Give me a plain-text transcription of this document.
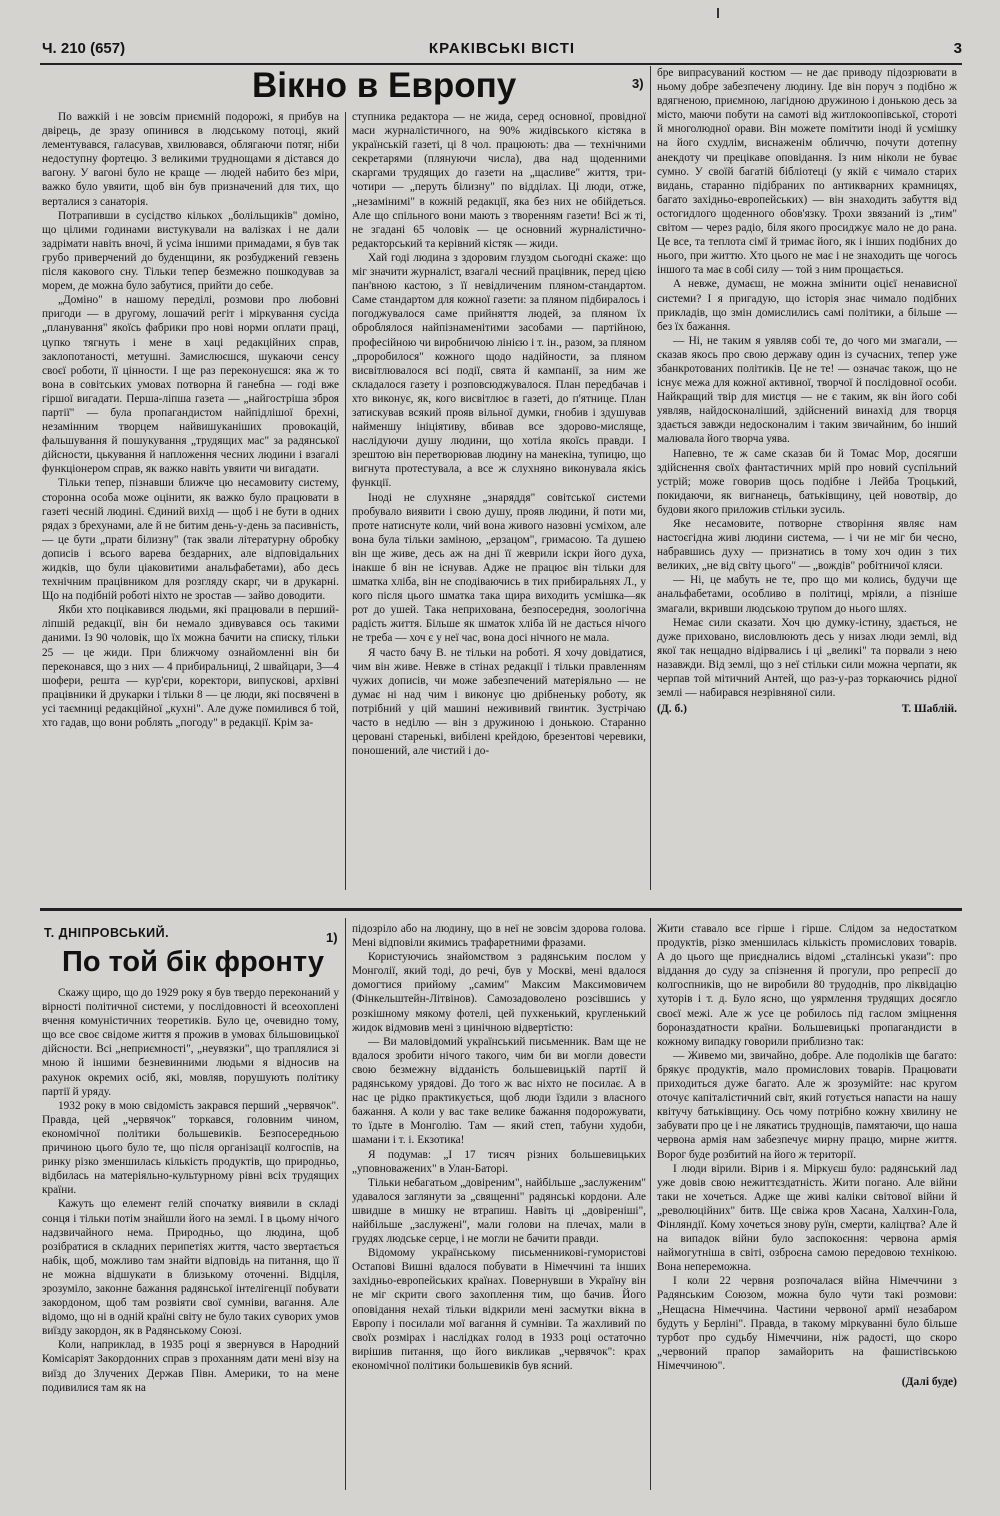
Ч. 210 (657)	КРАКІВСЬКІ ВІСТІ	3
Вікно в Европу	3)

По важкій і не зовсім приємній подорожі, я прибув на двірець, де зразу опинився в людському потоці, який лементувався, галасував, хвилювався, облягаючи потяг, ніби недоступну фортецю. З великими труднощами я дістався до вагону. У вагоні було не краще — людей набито без міри, важко було увяити, щоб він був призначений для тих, що верталися з санаторія.

Потрапивши в сусідство кількох „болільщиків" доміно, що цілими годинами вистукували на валізках і не дали задрімати навіть вночі, й усіма іншими примадами, я був так грубо приверчений до буденщини, як розбуджений гевзень після какового сну. Тільки тепер безмежно пошкодував за морем, де можна було забутися, прийти до себе.

„Доміно" в нашому переділі, розмови про любовні пригоди — в другому, лошачий регіт і міркування сусіда „планування" якоїсь фабрики про нові норми оплати праці, цупко тягнуть і мене в хаці редакційних справ, заклопотаності, метушні. Замислюєшся, шукаючи сенсу своєї роботи, її цінности. І ще раз переконуєшся: яка ж то вона в совітських умовах потворна й ганебна — годі вже гіршої вигадати. Перша-ліпша газета — „найгостріша зброя партії" — була пропагандистом найпідлішої брехні, незамінним творцем найвишуканіших провокацій, фальшування й пошукування „трудящих мас" за радянської дійсности, цькування й напложення чесних людини і взагалі функціонером справ, як важко навіть увяити чи вигадати.

Тільки тепер, пізнавши ближче цю несамовиту систему, сторонна особа може оцінити, як важко було працювати в газеті чесній людині. Єдиний вихід — щоб і не бути в одних рядах з брехунами, але й не битим день-у-день за пасивність, — це бути „прати білизну" (так звали літературну обробку дописів і всього варева бездарних, але відповідальних жидків, що були ціаковитими анальфабетами), або десь технічним працівником для розгляду скарг, чи в друкарні. Що на подібній роботі ніхто не зростав — зайво доводити.

Якби хто поцікавився людьми, які працювали в перший-ліпшій редакції, він би немало здивувався ось такими даними. Із 90 чоловік, що їх можна бачити на списку, тільки 25 — це жиди. При ближчому ознайомленні він би переконався, що з них — 4 прибиральниці, 2 швайцари, 3—4 шофери, решта — кур'єри, коректори, випускові, архівні працівники й друкарки і тільки 8 — це люди, які посвячені в усі таємниці редакційної „кухні". Але дуже помилився б той, хто гадав, що вони роблять „погоду" в редакції. Крім за-

ступника редактора — не жида, серед основної, провідної маси журналістичного, на 90% жидівського кістяка в українській газеті, ці 8 чол. працюють: два — технічними секретарями (плянуючи числа), два над щоденними скаргами трудящих до газети на „щасливе" життя, три-чотири — „перуть білизну" по відділах. Ці люди, отже, „незамінимі" в кожній редакції, яка без них не обійдеться. Але що спільного вони мають з творенням газети! Всі ж ті, не згадані 65 чоловік — це основний журналістично-редакторський та керівний кістяк — жиди.

Хай годі людина з здоровим глуздом сьогодні скаже: що міг значити журналіст, взагалі чесний працівник, перед цією пан'вною кастою, з її невідличеним пляном-стандартом. Саме стандартом для кожної газети: за пляном підбиралось і погоджувалося саме прийняття людей, за пляном їх оброблялося найпізнаменітими засобами — партійною, професійною чи виробничою лінією і т. ін., разом, за пляном „проробилося" кожного щодо надійности, за пляном висвітлювалося всі події, свята й кампанії, за ним же складалося газету і розповсюджувалося. План передбачав і хто виконує, як, кого висвітлює в газеті, до п'ятнице. План затискував всякий прояв вільної думки, гнобив і здушував найменшу ініціятиву, вбивав все здорово-мисляще, наслідуючи душу людини, що хотіла якоїсь правди. І зрештою він перетворював людину на манекіна, тупицю, що вигнута протестувала, а все ж слухняно виконувала якісь функції.

Іноді не слухняне „знаряддя" совітської системи пробувало виявити і свою душу, прояв людини, й поти ми, проте натиснуте коли, чий вона живого назовні усміхом, але вона була тільки заміною, „ерзацом", гримасою. Та душею він ще живе, десь аж на дні її жеврили іскри його духа, інакше б він не існував. Адже не працює він тільки для шматка хліба, він не сподіваючись в тих прибиральнях Л., у кого після цього шматка така щира виходить усмішка—як рот до ушей. Така неприхована, безпосередня, зоологічна радість життя. Більше як шматок хліба їй не дасться нічого не треба — хоч є у неї час, вона досі нічного не мала.

Я часто бачу В. не тільки на роботі. Я хочу довідатися, чим він живе. Невже в стінах редакції і тільки правленням чужих дописів, чи може забезпечений матеріяльно — не думає ні над чим і виконує цю дрібненьку роботу, як потрібний у цій машині нежививий гвинтик. Зустрічаю часто в неділю — він з дружиною і донькою. Старанно церовані старенькі, вибілені крейдою, брезентові черевики, поношений, але чистий і до-

бре випрасуваний костюм — не дає приводу підозрювати в ньому добре забезпечену людину. Іде він поруч з подібно ж вдягненою, приємною, лагідною дружиною і донькою десь за місто, маючи побути на самоті від житлокоопівської, стороті й многолюдної орави. Він можете помітити іноді й усмішку на його схудлім, виснаженім обличчю, почути дотепну анекдоту чи прецікаве оповідання. Із ним ніколи не буває сумно. У своїй багатій бібліотеці (у якій є чимало старих видань, старанно підібраних по антикварних крамницях, багато західньо-европейських) — він знаходить забуття від остогидлого щоденного обов'язку. Трохи звязаний із „тим" світом — через радіо, біля якого просиджує мало не до рана. Це все, та теплота сімї й тримає його, як і інших подібних до нього, при життю. Хто цього не має і не знаходить ще чогось іншого та має в собі силу — той з ним прощається.

А невже, думаєш, не можна змінити оцієї ненависної системи? І я пригадую, що історія знає чимало подібних прикладів, що змін домислились самі політики, а більше — без їх бажання.

— Ні, не таким я уявляв собі те, до чого ми змагали, — сказав якось про свою державу один із сучасних, тепер уже збанкротованих політиків. Це не те! — означає також, що не існує межа для кожної активної, творчої й послідовної особи. Найкращий твір для мистця — не є таким, як він його собі уявляв, найдосконаліший, здійснений винахід для творця здається завжди недосконалим і таким звичайним, бо інший малювала його творча уява.

Напевно, те ж саме сказав би й Томас Мор, досягши здійснення своїх фантастичних мрій про новий суспільний устрій; може говорив щось подібне і Лейба Троцький, покидаючи, як вигнанець, батьківщину, цей новотвір, до будови якого приложив стільки зусиль.

Яке несамовите, потворне створіння являє нам настоєгідна живі людини система, — і чи не міг би чесно, набравшись духу — признатись в тому хоч один з тих великих, „не від світу цього" — „вождів" робітничої кляси.

— Ні, це мабуть не те, про що ми колись, будучи ще анальфабетами, особливо в політиці, мріяли, а пізніше змагали, вкривши людською трупом до нього шлях.

Немає сили сказати. Хоч цю думку-істину, здається, не дуже приховано, висловлюють десь у низах люди землі, від якої так нещадно відірвались і ці „великі" та порвали з нею назавжди. Від землі, що з неї стільки сили можна черпати, як черпав той мітичний Антей, що раз-у-раз торкаючись рідної землі — набирався незрівняної сили.

(Д. б.)	Т. Шаблій.
Т. ДНІПРОВСЬКИЙ.	1)
По той бік фронту

Скажу щиро, що до 1929 року я був твердо переконаний у вірності політичної системи, у послідовності й всеохоплені вчення комуністичних теоретиків. Було це, очевидно тому, що все своє свідоме життя я прожив в умовах більшовицької дійсности. Всі „неприємності", „неувязки", що траплялися зі мною й іншими безневинними людьми я відносив на рахунок окремих осіб, які, мовляв, порушують політику партії й уряду.

1932 року в мою свідомість закрався перший „червячок". Правда, цей „червячок" торкався, головним чином, економічної політики большевиків. Безпосередньою причиною цього було те, що після організації колгоспів, на ринку різко зменшилась кількість продуктів, що природньо, відбилась на матеріяльно-культурному рівні всіх трудящих країни.

Кажуть що елемент гелій спочатку виявили в складі сонця і тільки потім знайшли його на землі. І в цьому нічого надзвичайного нема. Природньо, що людина, щоб розібратися в складних перипетіях життя, часто звертається набік, щоб, можливо там знайти відповідь на питання, що її не можна відшукати в близькому оточенні. Відціля, зрозуміло, законне бажання радянської інтелігенції побувати закордоном, щоб там розвіяти свої сумніви, вагання. Але відомо, що ні в одній країні світу не було таких суворих умов виїзду закордон, як в Радянському Союзі.

Коли, наприклад, в 1935 році я звернувся в Народний Комісаріят Закордонних справ з проханням дати мені візу на виїзд до Злучених Держав Півн. Америки, то на мене подивилися там як на

підозріло або на людину, що в неї не зовсім здорова голова. Мені відповіли якимись трафаретними фразами.

Користуючись знайомством з радянським послом у Монголії, який тоді, до речі, був у Москві, мені вдалося домогтися прийому „самим" Максим Максимовичем (Фінкельштейн-Літвінов). Самозадоволено розсівшись у розкішному мякому фотелі, цей пухкенький, кругленький жидок відмовив мені з цинічною відвертістю:

— Ви маловідомий український письменник. Вам ще не вдалося зробити нічого такого, чим би ви могли довести свою безмежну відданість большевицькій партії й радянському урядові. До того ж вас ніхто не посилає. А в нас це рідко практикується, щоб люди їздили з власного бажання. А коли у вас таке велике бажання подорожувати, то їдьте в Монголію. Там — який степ, табуни худоби, шамани і т. і. Екзотика!

Я подумав: „І 17 тисяч різних большевицьких „уповноважених" в Улан-Баторі.

Тільки небагатьом „довіреним", найбільше „заслуженим" удавалося заглянути за „священні" радянські кордони. Але швидше в мишку не втрапиш. Навіть ці „довіреніші", найбільше „заслужені", мали голови на плечах, мали в грудях людське серце, і не могли не бачити правди.

Відомому українському письменникові-гумористові Остапові Вишні вдалося побувати в Німеччині та інших західньо-европейських країнах. Повернувши в Україну він не міг скрити свого захоплення тим, що бачив. Його оповідання нехай тільки відкрили мені засмутки вікна в Европу і посилали мої вагання й сумніви. Та жахливий по своїх розмірах і наслідках голод в 1933 році остаточно вирішив питання, що його викликав „червячок": крах економічної політики большевиків був ясний.

Жити ставало все гірше і гірше. Слідом за недостатком продуктів, різко зменшилась кількість промислових товарів. А до цього ще приєднались відомі „сталінські укази": про віддання до суду за спізнення й прогули, про репресії до колгоспників, що не виробили 80 трудоднів, про ліквідацію хуторів і т. д. Було ясно, що уярмлення трудящих досягло своєї межі. Але ж усе це робилось під гаслом зміцнення бороназдатности країни. Большевицькі пропагандисти в кожному випадку говорили приблизно так:

— Живемо ми, звичайно, добре. Але подоліків ще багато: брякує продуктів, мало промислових товарів. Працювати приходиться дуже багато. Але ж зрозумійте: нас кругом оточує капіталістичний світ, який готується напасти на нашу квітучу батьківщину. Ось чому потрібно кожну хвилину не забувати про це і не лякатись труднощів, памятаючи, що наша червона армія нам забезпечує мирну працю, мирне життя. Ворог буде розбитий на його ж території.

І люди вірили. Вірив і я. Міркуєш було: радянський лад уже довів свою нежиттєздатність. Жити погано. Але війни таки не хочеться. Адже ще живі каліки світової війни й „революційних" битв. Ще свіжа кров Хасана, Халхин-Гола, Фінляндії. Кому хочеться знову руїн, смерти, каліцтва? Але й на випадок війни було заспокоєння: червона армія наймогутніша в світі, озброєна самою передовою технікою. Вона непереможна.

І коли 22 червня розпочалася війна Німеччини з Радянським Союзом, можна було чути такі розмови: „Нещасна Німеччина. Частини червоної армії незабаром будуть у Берліні". Правда, в такому міркуванні було більше турбот про судьбу Німеччини, ніж радості, що скоро „червоний прапор замайорить на фашистівською Німеччиною".

(Далі буде)
